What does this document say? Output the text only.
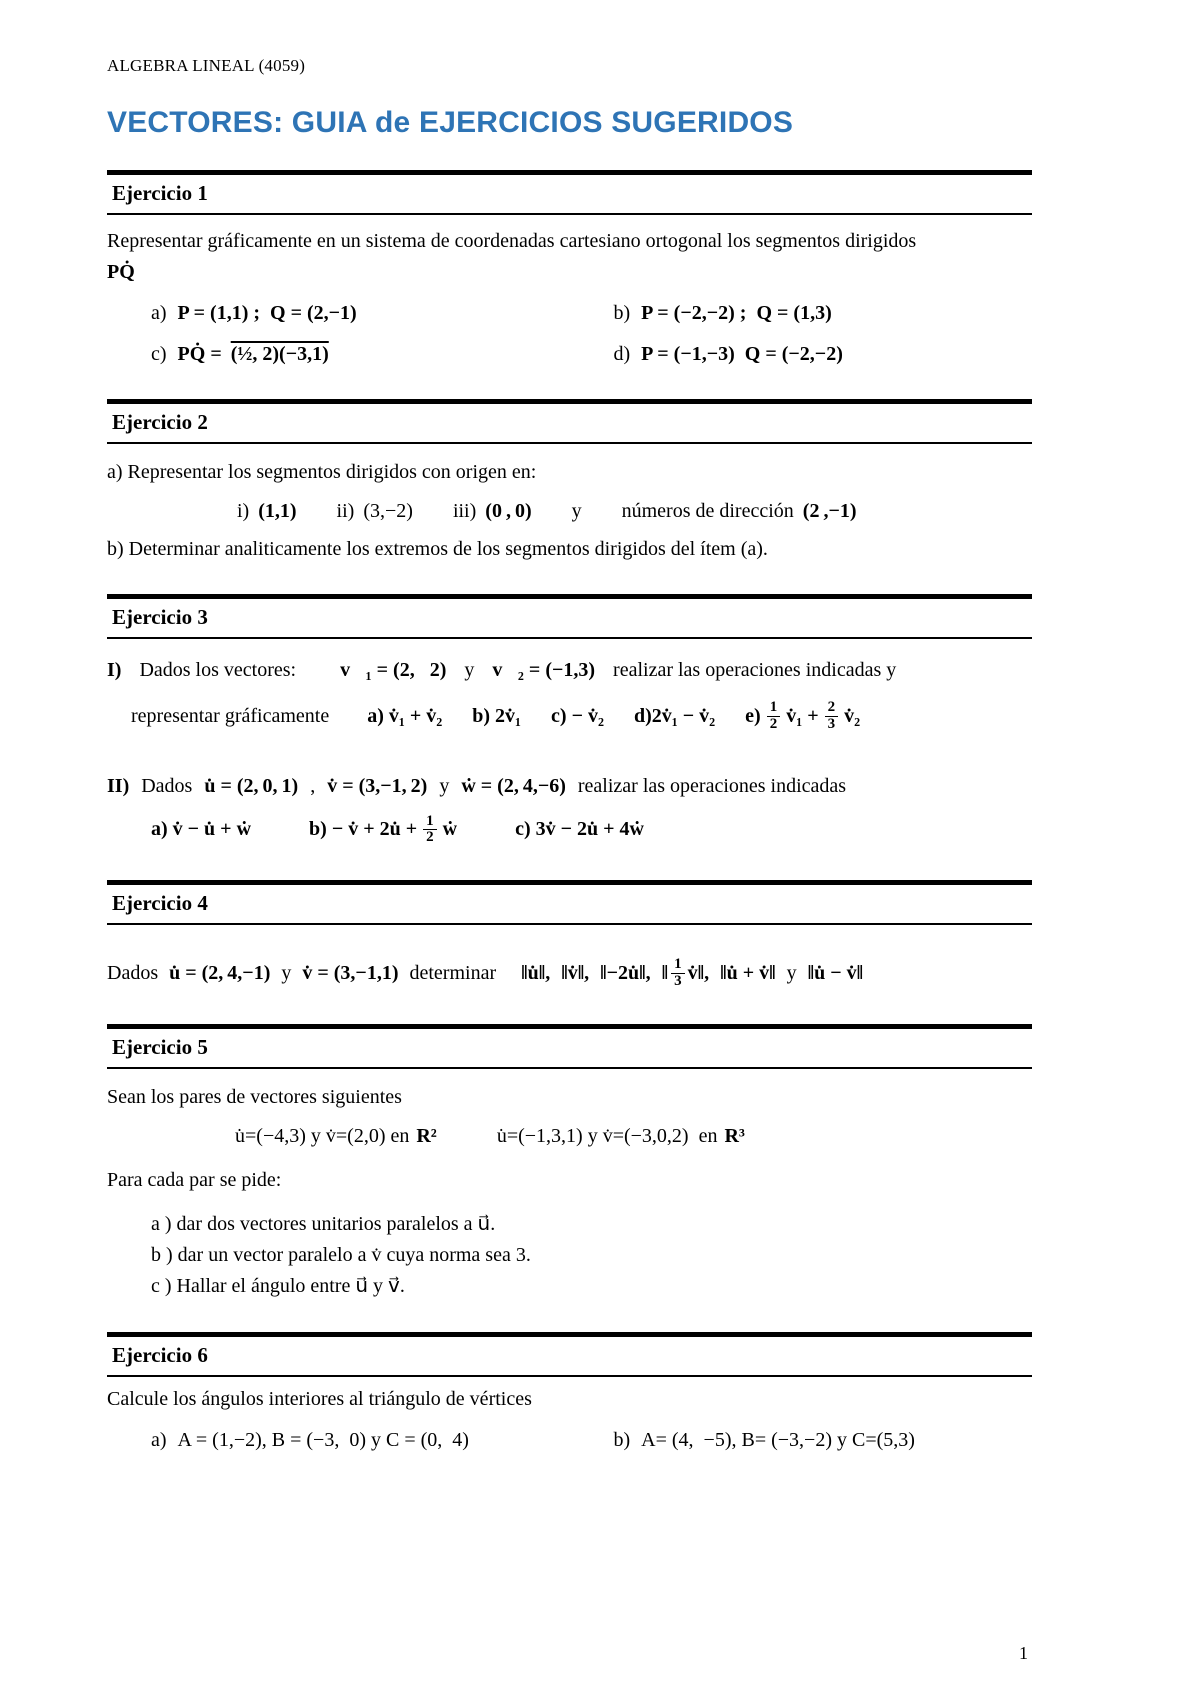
ALGEBRA LINEAL (4059)
VECTORES: GUIA de EJERCICIOS SUGERIDOS
Ejercicio 1

Representar gráficamente en un sistema de coordenadas cartesiano ortogonal los segmentos dirigidos

PQ̇
a) P = (1,1) ;  Q = (2,−1)	b) P = (−2,−2) ;  Q = (1,3)
c) PQ̇ = (½, 2)(−3,1)	d) P = (−1,−3)  Q = (−2,−2)
Ejercicio 2

a) Representar los segmentos dirigidos con origen en:

i) (1,1) ii) (3,−2) iii) (0 , 0) y números de dirección (2 ,−1)

b) Determinar analiticamente los extremos de los segmentos dirigidos del ítem (a).

Ejercicio 3
I) Dados los vectores: v⃗₁ = (2,   2) y v⃗₂ = (−1,3) realizar las operaciones indicadas y
representar gráficamente a) v̇₁ + v̇₂ b) 2v̇₁ c) − v̇₂ d)2v̇₁ − v̇₂ $e) \frac{1}{2}$ v̇₁ + $\frac{2}{3}$ v̇₂
II) Dados u̇ = (2, 0, 1) , v̇ = (3,−1, 2) y ẇ = (2, 4,−6) realizar las operaciones indicadas
a) v̇ − u̇ + ẇ	b) − v̇ + 2u̇ + $\frac{1}{2}$ ẇ	c) 3v̇ − 2u̇ + 4ẇ
Ejercicio 4
Dados u̇ = (2, 4,−1) y v̇ = (3,−1,1) determinar ‖u̇‖, ‖v̇‖, ‖−2u̇‖, ‖ $\frac{1}{3}$ v̇‖, ‖u̇ + v̇‖ y ‖u̇ − v̇‖
Ejercicio 5

Sean los pares de vectores siguientes

u̇=(−4,3) y v̇=(2,0) en R²	u̇=(−1,3,1) y v̇=(−3,0,2)  en R³

Para cada par se pide:

a ) dar dos vectores unitarios paralelos a u⃗.
b ) dar un vector paralelo a v̇ cuya norma sea 3.
c ) Hallar el ángulo entre u⃗ y v⃗.
Ejercicio 6

Calcule los ángulos interiores al triángulo de vértices

a) A = (1,−2), B = (−3,  0) y C = (0,  4)	b) A= (4,  −5), B= (−3,−2) y C=(5,3)
1
